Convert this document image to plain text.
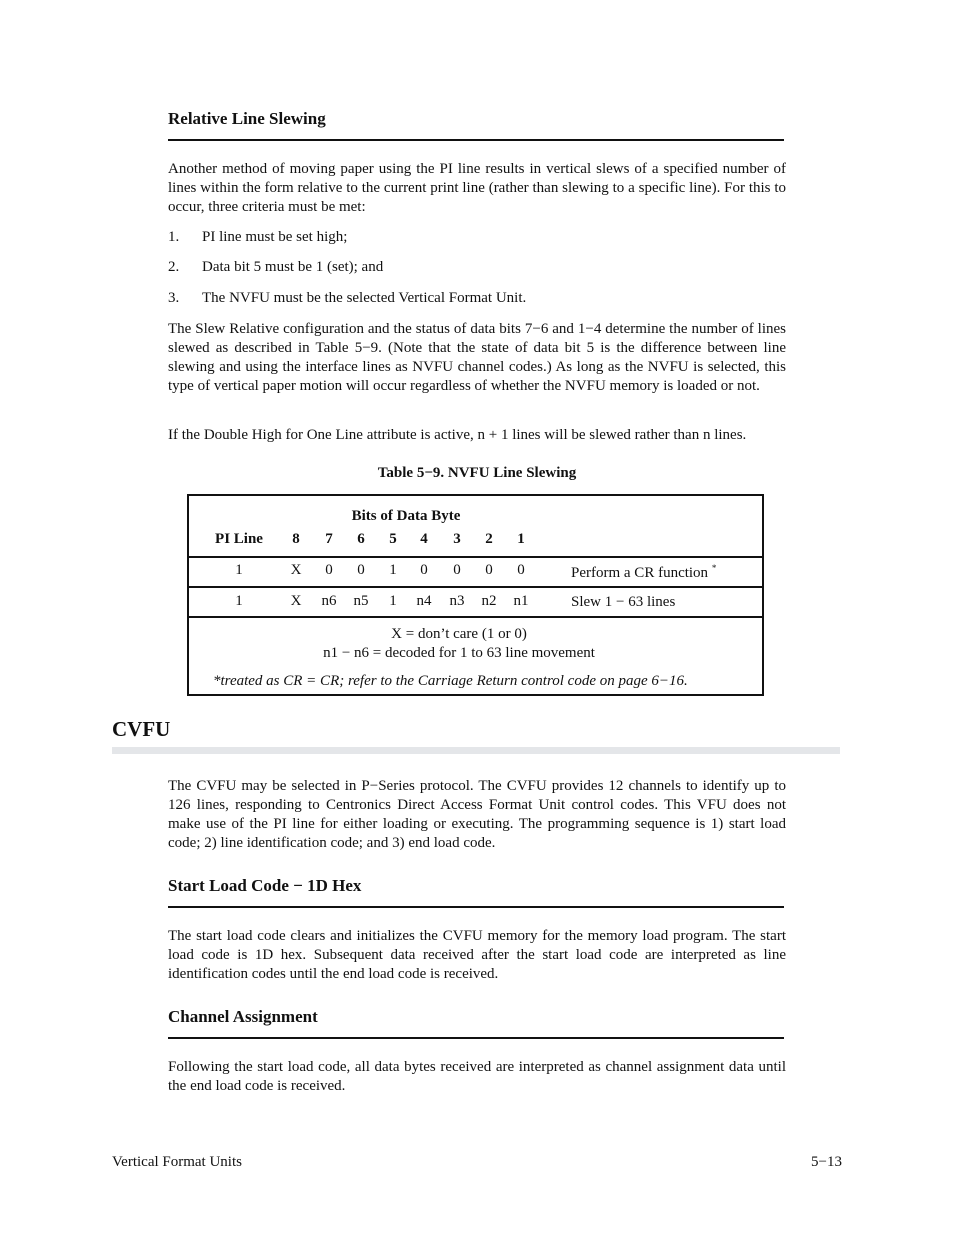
Relative Line Slewing
Another method of moving paper using the PI line results in vertical slews of a specified number of lines within the form relative to the current print line (rather than slewing to a specific line). For this to occur, three criteria must be met:
1. PI line must be set high;
2. Data bit 5 must be 1 (set); and
3. The NVFU must be the selected Vertical Format Unit.
The Slew Relative configuration and the status of data bits 7−6 and 1−4 determine the number of lines slewed as described in Table 5−9. (Note that the state of data bit 5 is the difference between line slewing and using the interface lines as NVFU channel codes.) As long as the NVFU is selected, this type of vertical paper motion will occur regardless of whether the NVFU memory is loaded or not.
If the Double High for One Line attribute is active, n + 1 lines will be slewed rather than n lines.
Table 5−9. NVFU Line Slewing
Bits of Data Byte
PI Line	8	7	6	5	4	3	2	1
1	X	0	0	1	0	0	0	0	Perform a CR function *
1	X	n6	n5	1	n4	n3	n2	n1	Slew 1 − 63 lines
X = don’t care (1 or 0)
n1 − n6 = decoded for 1 to 63 line movement
*treated as CR = CR; refer to the Carriage Return control code on page 6−16.
CVFU
The CVFU may be selected in P−Series protocol. The CVFU provides 12 channels to identify up to 126 lines, responding to Centronics Direct Access Format Unit control codes. This VFU does not make use of the PI line for either loading or executing. The programming sequence is 1) start load code; 2) line identification code; and 3) end load code.
Start Load Code − 1D Hex
The start load code clears and initializes the CVFU memory for the memory load program. The start load code is 1D hex. Subsequent data received after the start load code are interpreted as line identification codes until the end load code is received.
Channel Assignment
Following the start load code, all data bytes received are interpreted as channel assignment data until the end load code is received.
Vertical Format Units	5−13
